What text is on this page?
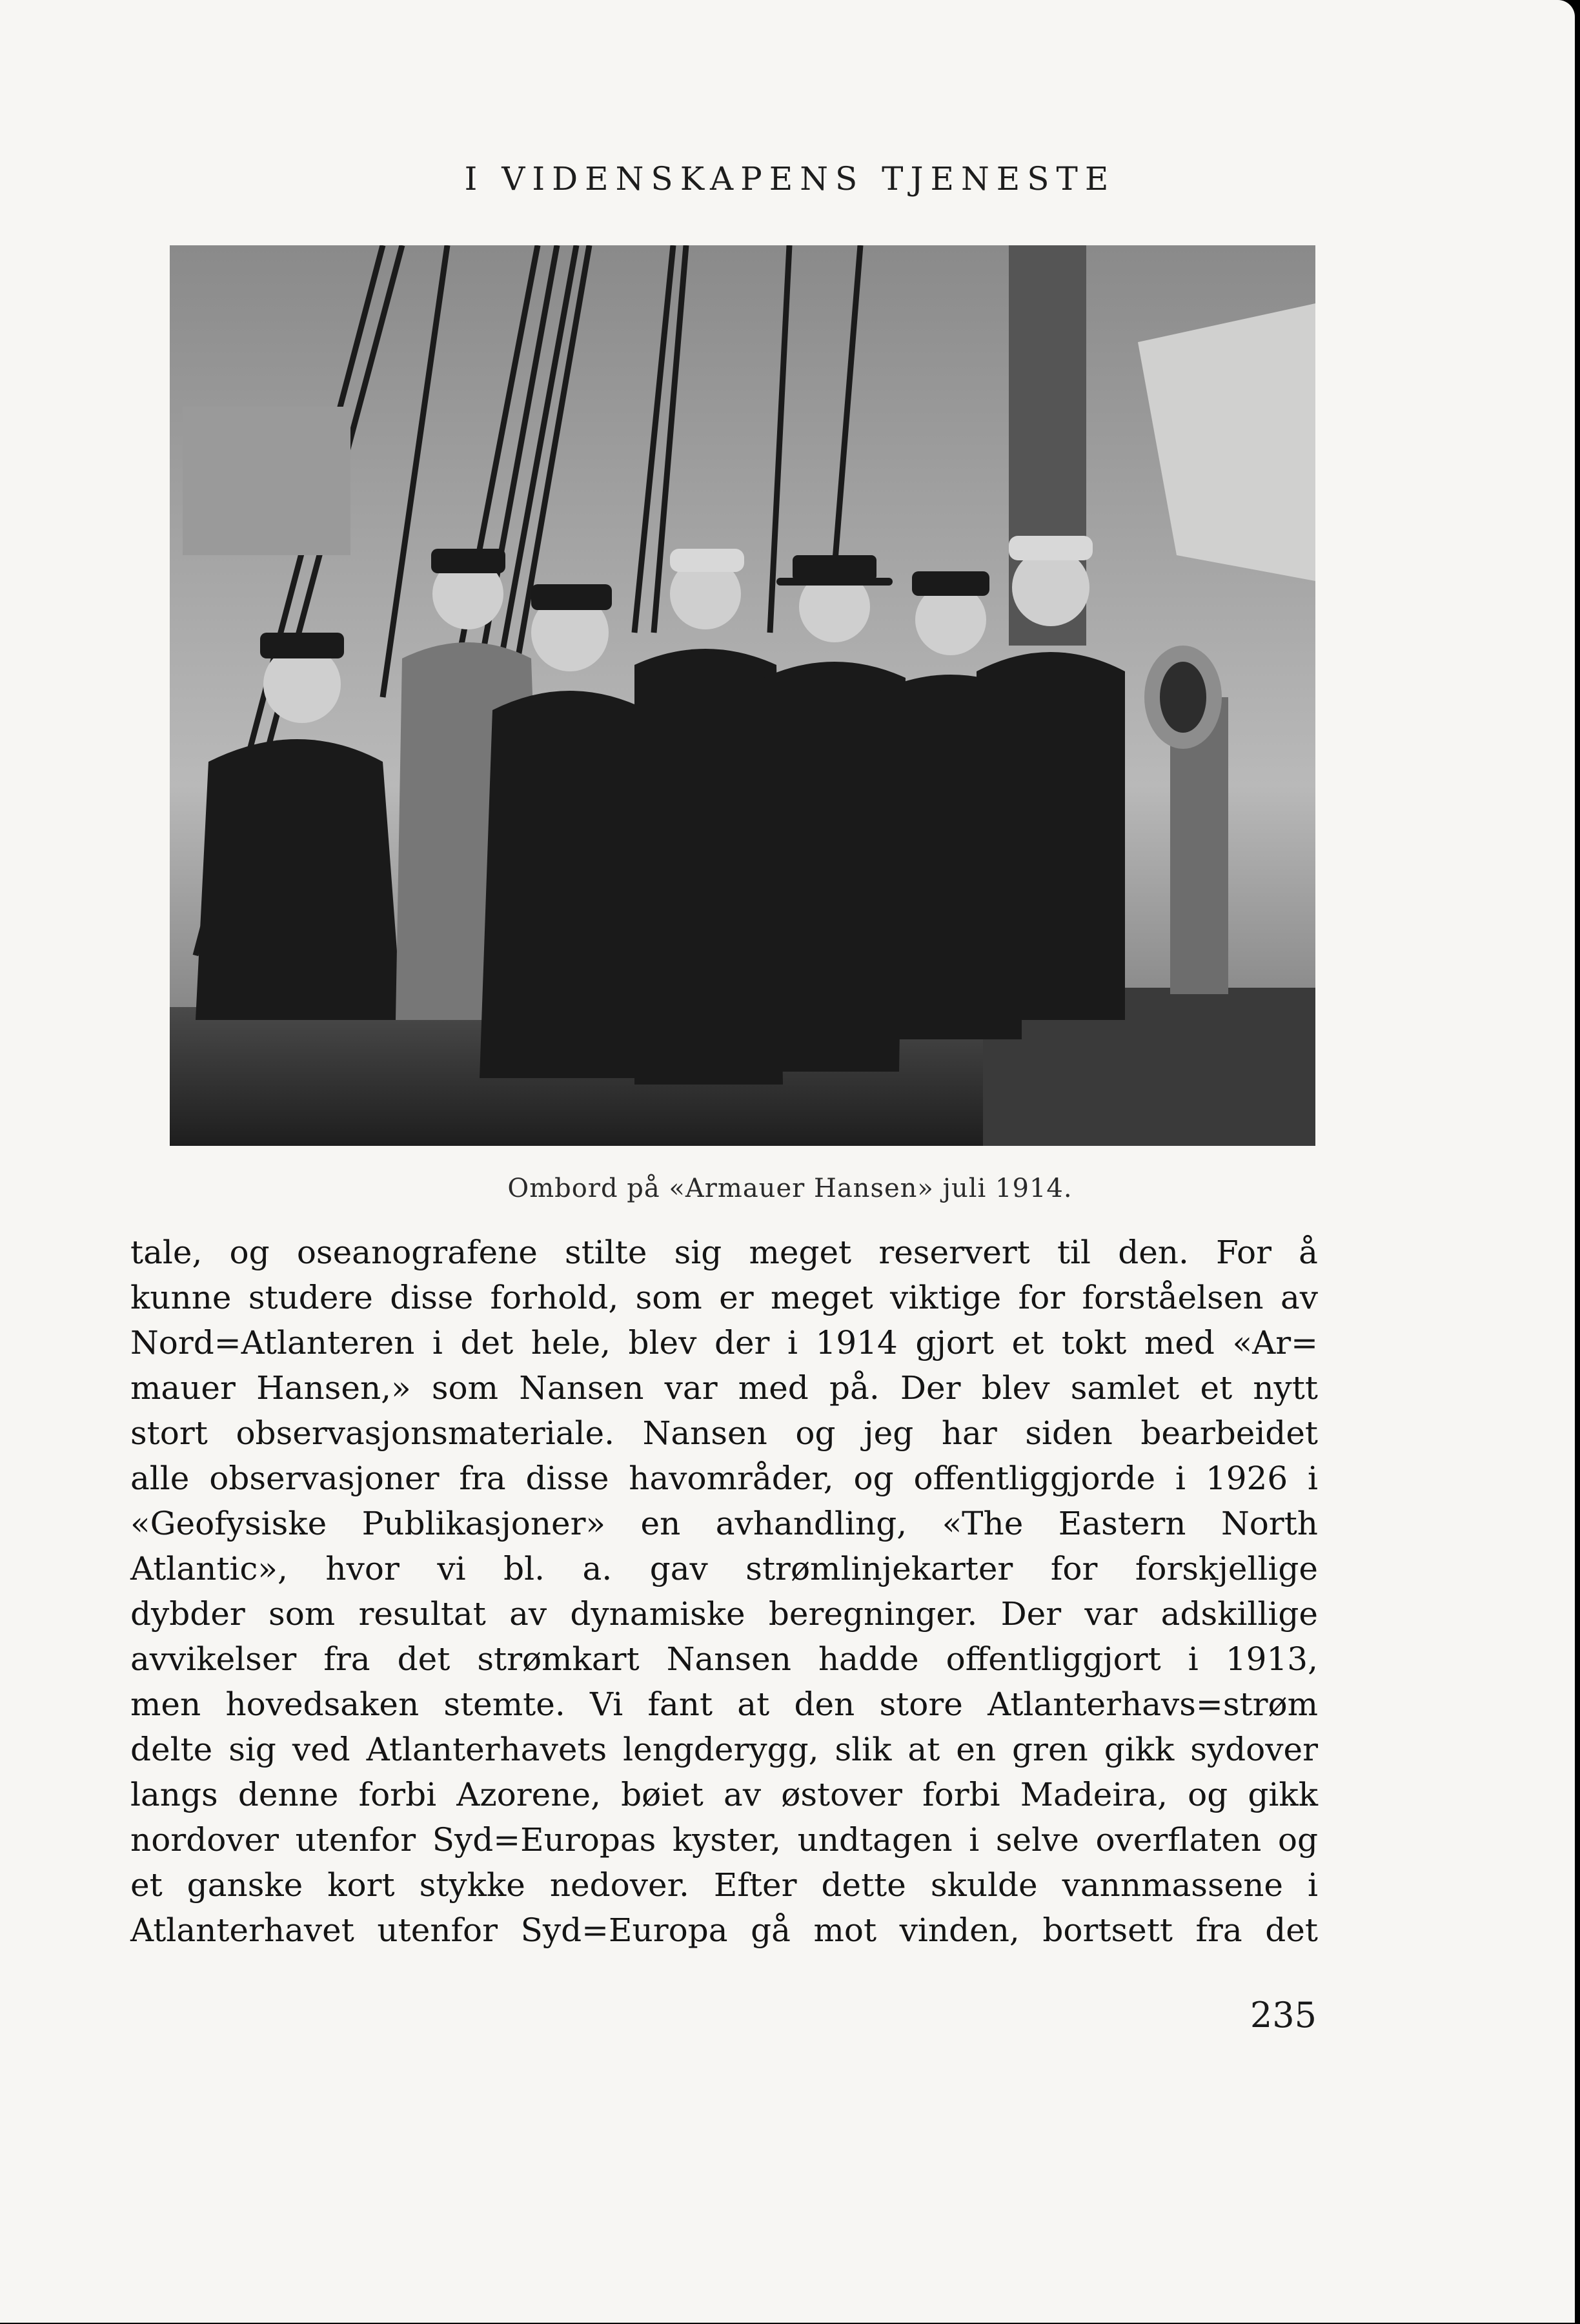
I VIDENSKAPENS TJENESTE
Ombord på «Armauer Hansen» juli 1914.
tale, og oseanografene stilte sig meget reservert til den. For å
kunne studere disse forhold, som er meget viktige for forståelsen av
Nord=Atlanteren i det hele, blev der i 1914 gjort et tokt med «Ar=
mauer Hansen,» som Nansen var med på. Der blev samlet et nytt
stort observasjonsmateriale. Nansen og jeg har siden bearbeidet
alle observasjoner fra disse havområder, og offentliggjorde i 1926 i
«Geofysiske Publikasjoner» en avhandling, «The Eastern North
Atlantic», hvor vi bl. a. gav strømlinjekarter for forskjellige
dybder som resultat av dynamiske beregninger. Der var adskillige
avvikelser fra det strømkart Nansen hadde offentliggjort i 1913,
men hovedsaken stemte. Vi fant at den store Atlanterhavs=strøm
delte sig ved Atlanterhavets lengderygg, slik at en gren gikk sydover
langs denne forbi Azorene, bøiet av østover forbi Madeira, og gikk
nordover utenfor Syd=Europas kyster, undtagen i selve overflaten og
et ganske kort stykke nedover. Efter dette skulde vannmassene i
Atlanterhavet utenfor Syd=Europa gå mot vinden, bortsett fra det
235
